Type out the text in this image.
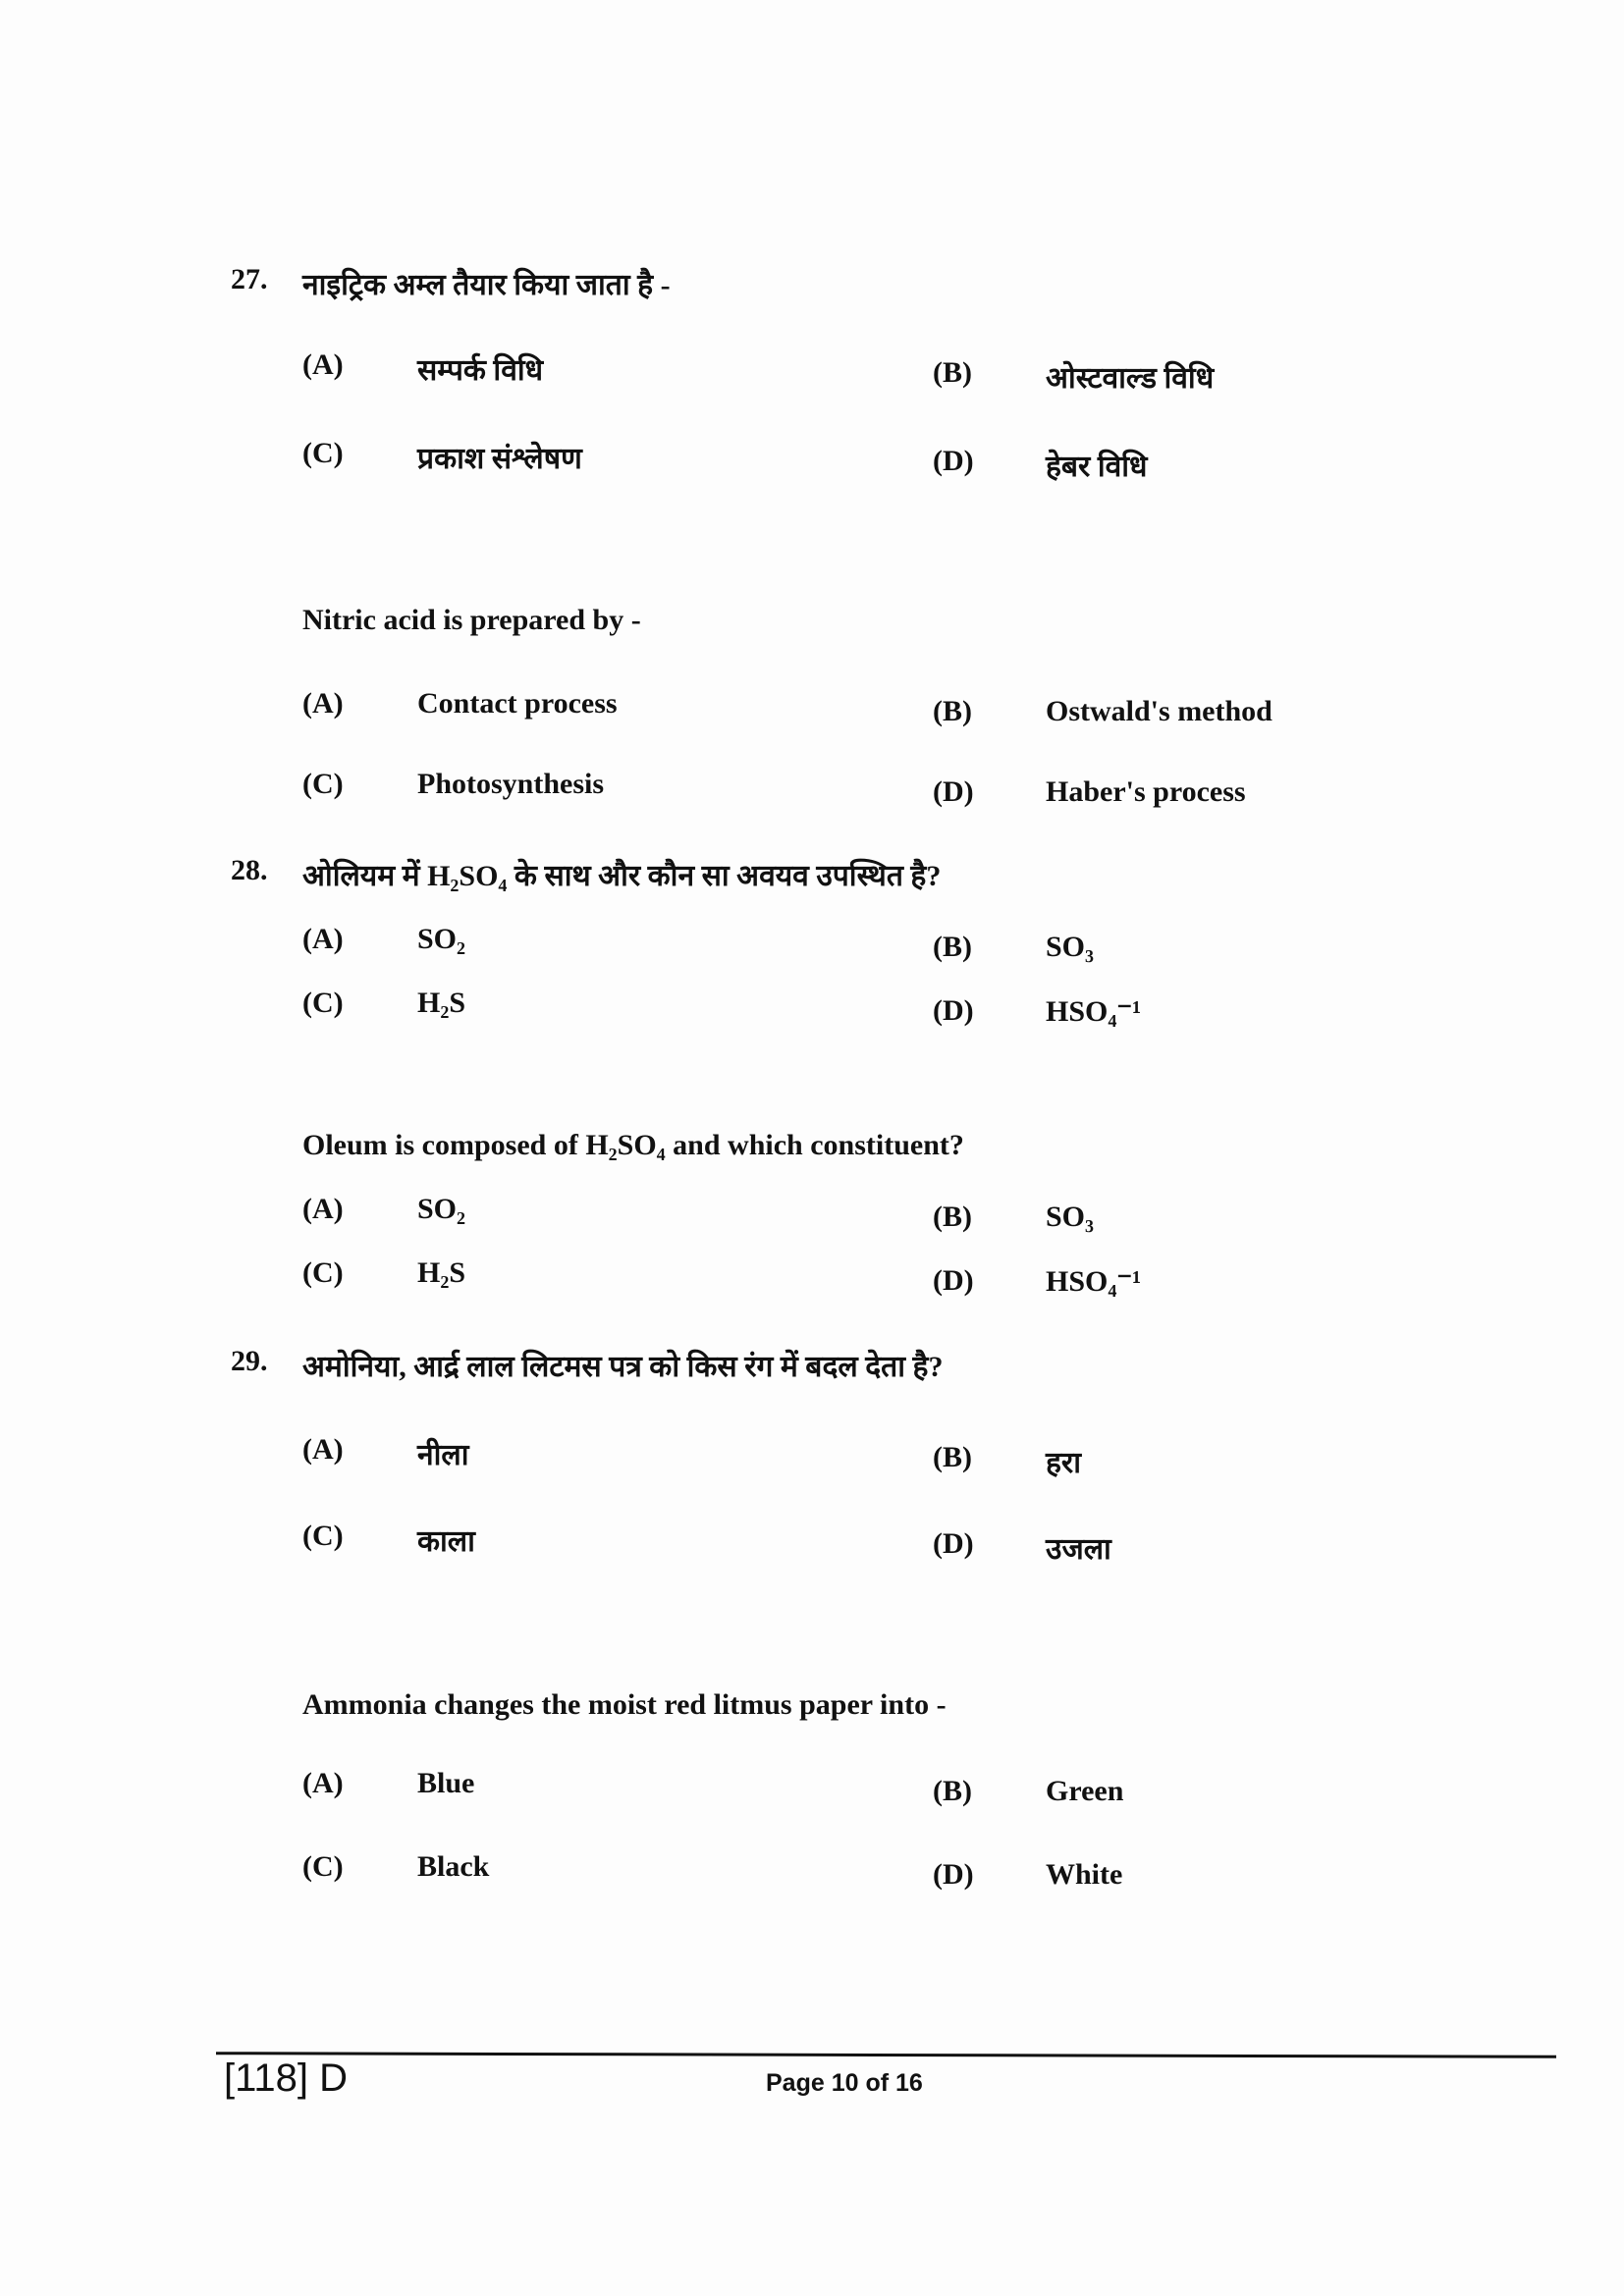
27. नाइट्रिक अम्ल तैयार किया जाता है -
(A)	सम्पर्क विधि	(B)	ओस्टवाल्ड विधि
(C)	प्रकाश संश्लेषण	(D) हेबर विधि
Nitric acid is prepared by -
(A)	Contact process	(B)	Ostwald's method
(C)	Photosynthesis	(D) Haber's process
28. ओलियम में H₂SO₄ के साथ और कौन सा अवयव उपस्थित है?
(A)	SO₂	(B)	SO₃
(C)	H₂S	(D) HSO₄⁻¹
Oleum is composed of H₂SO₄ and which constituent?
(A)	SO₂	(B)	SO₃
(C)	H₂S	(D) HSO₄⁻¹
29. अमोनिया, आर्द्र लाल लिटमस पत्र को किस रंग में बदल देता है?
(A)	नीला	(B)	हरा
(C)	काला	(D) उजला
Ammonia changes the moist red litmus paper into -
(A)	Blue	(B)	Green
(C)	Black	(D) White
[118] D	Page 10 of 16
